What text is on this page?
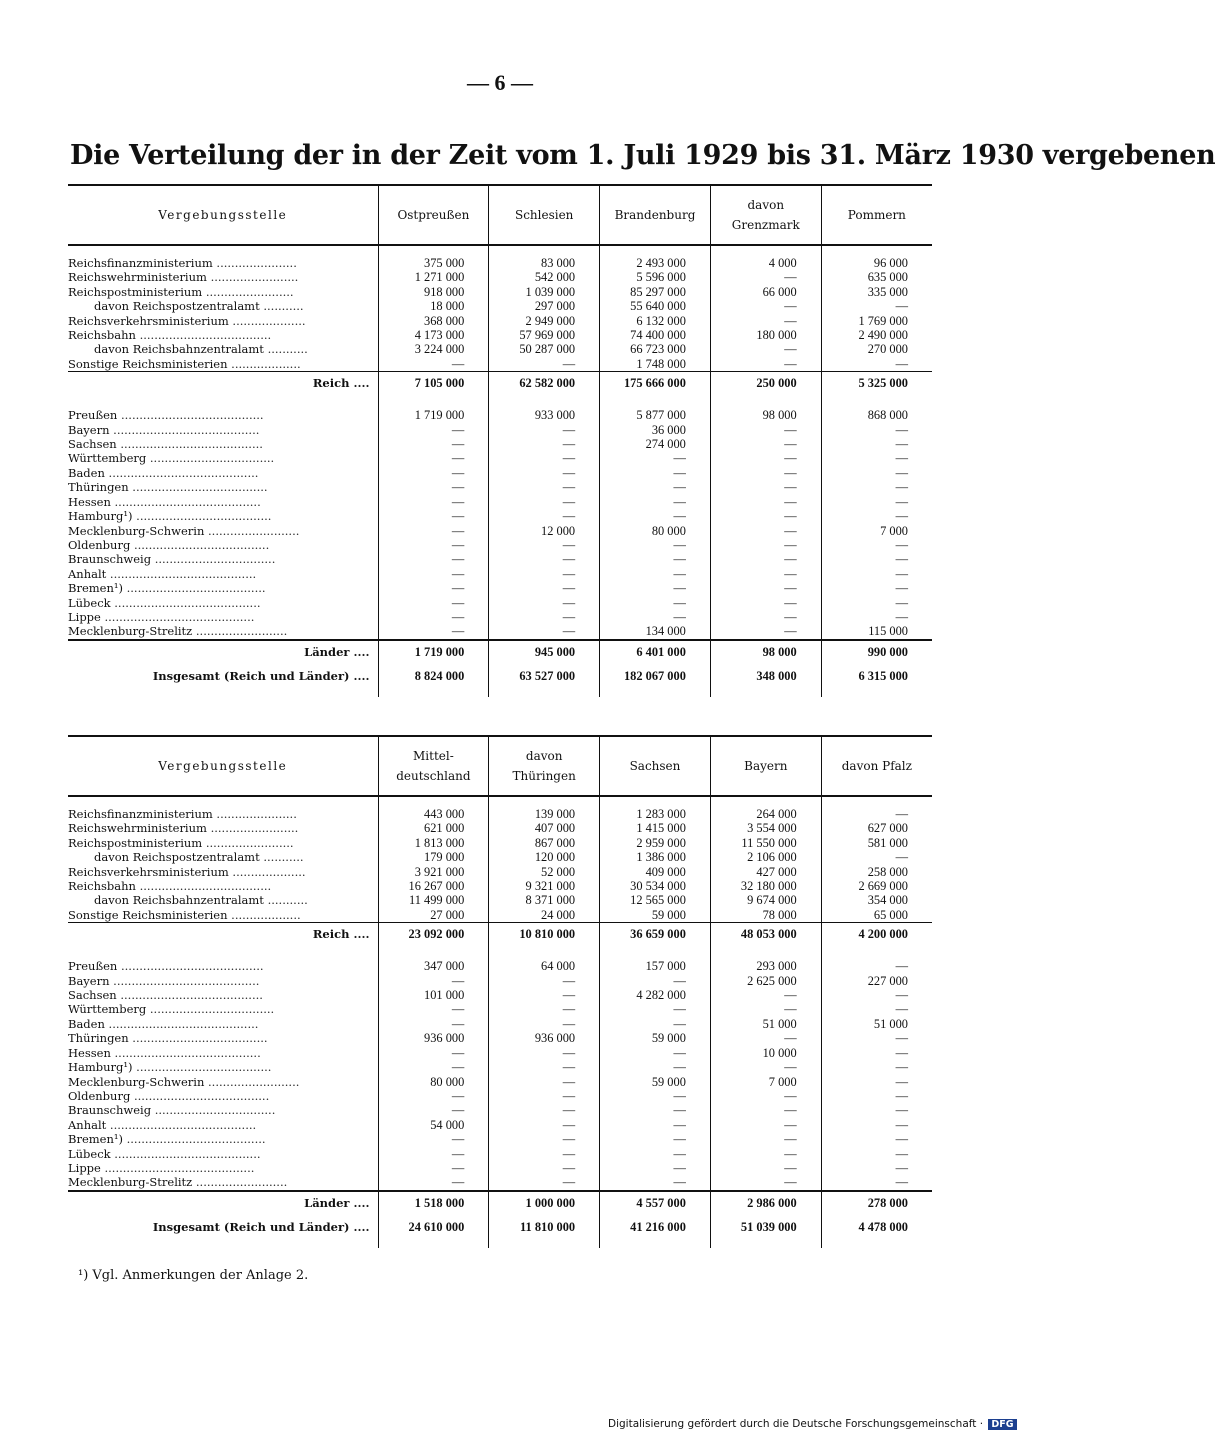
— 6 —
Die Verteilung der in der Zeit vom 1. Juli 1929 bis 31. März 1930 vergebenen
Vergebungsstelle	Ostpreußen	Schlesien	Brandenburg	davon Grenzmark	Pommern
Reichsfinanzministerium ......................	375 000	83 000	2 493 000	4 000	96 000
Reichswehrministerium ........................	1 271 000	542 000	5 596 000	—	635 000
Reichspostministerium ........................	918 000	1 039 000	85 297 000	66 000	335 000
davon Reichspostzentralamt ...........	18 000	297 000	55 640 000	—	—
Reichsverkehrsministerium ....................	368 000	2 949 000	6 132 000	—	1 769 000
Reichsbahn ....................................	4 173 000	57 969 000	74 400 000	180 000	2 490 000
davon Reichsbahnzentralamt ...........	3 224 000	50 287 000	66 723 000	—	270 000
Sonstige Reichsministerien ...................	—	—	1 748 000	—	—
Reich ....	7 105 000	62 582 000	175 666 000	250 000	5 325 000

Preußen .......................................	1 719 000	933 000	5 877 000	98 000	868 000
Bayern ........................................	—	—	36 000	—	—
Sachsen .......................................	—	—	274 000	—	—
Württemberg ..................................	—	—	—	—	—
Baden .........................................	—	—	—	—	—
Thüringen .....................................	—	—	—	—	—
Hessen ........................................	—	—	—	—	—
Hamburg¹) .....................................	—	—	—	—	—
Mecklenburg-Schwerin .........................	—	12 000	80 000	—	7 000
Oldenburg .....................................	—	—	—	—	—
Braunschweig .................................	—	—	—	—	—
Anhalt ........................................	—	—	—	—	—
Bremen¹) ......................................	—	—	—	—	—
Lübeck ........................................	—	—	—	—	—
Lippe .........................................	—	—	—	—	—
Mecklenburg-Strelitz .........................	—	—	134 000	—	115 000
Länder ....	1 719 000	945 000	6 401 000	98 000	990 000
Insgesamt (Reich und Länder) ....	8 824 000	63 527 000	182 067 000	348 000	6 315 000

Vergebungsstelle	Mittel-deutschland	davon Thüringen	Sachsen	Bayern	davon Pfalz
Reichsfinanzministerium ......................	443 000	139 000	1 283 000	264 000	—
Reichswehrministerium ........................	621 000	407 000	1 415 000	3 554 000	627 000
Reichspostministerium ........................	1 813 000	867 000	2 959 000	11 550 000	581 000
davon Reichspostzentralamt ...........	179 000	120 000	1 386 000	2 106 000	—
Reichsverkehrsministerium ....................	3 921 000	52 000	409 000	427 000	258 000
Reichsbahn ....................................	16 267 000	9 321 000	30 534 000	32 180 000	2 669 000
davon Reichsbahnzentralamt ...........	11 499 000	8 371 000	12 565 000	9 674 000	354 000
Sonstige Reichsministerien ...................	27 000	24 000	59 000	78 000	65 000
Reich ....	23 092 000	10 810 000	36 659 000	48 053 000	4 200 000

Preußen .......................................	347 000	64 000	157 000	293 000	—
Bayern ........................................	—	—	—	2 625 000	227 000
Sachsen .......................................	101 000	—	4 282 000	—	—
Württemberg ..................................	—	—	—	—	—
Baden .........................................	—	—	—	51 000	51 000
Thüringen .....................................	936 000	936 000	59 000	—	—
Hessen ........................................	—	—	—	10 000	—
Hamburg¹) .....................................	—	—	—	—	—
Mecklenburg-Schwerin .........................	80 000	—	59 000	7 000	—
Oldenburg .....................................	—	—	—	—	—
Braunschweig .................................	—	—	—	—	—
Anhalt ........................................	54 000	—	—	—	—
Bremen¹) ......................................	—	—	—	—	—
Lübeck ........................................	—	—	—	—	—
Lippe .........................................	—	—	—	—	—
Mecklenburg-Strelitz .........................	—	—	—	—	—
Länder ....	1 518 000	1 000 000	4 557 000	2 986 000	278 000
Insgesamt (Reich und Länder) ....	24 610 000	11 810 000	41 216 000	51 039 000	4 478 000

¹) Vgl. Anmerkungen der Anlage 2.
Digitalisierung gefördert durch die Deutsche Forschungsgemeinschaft · DFG
